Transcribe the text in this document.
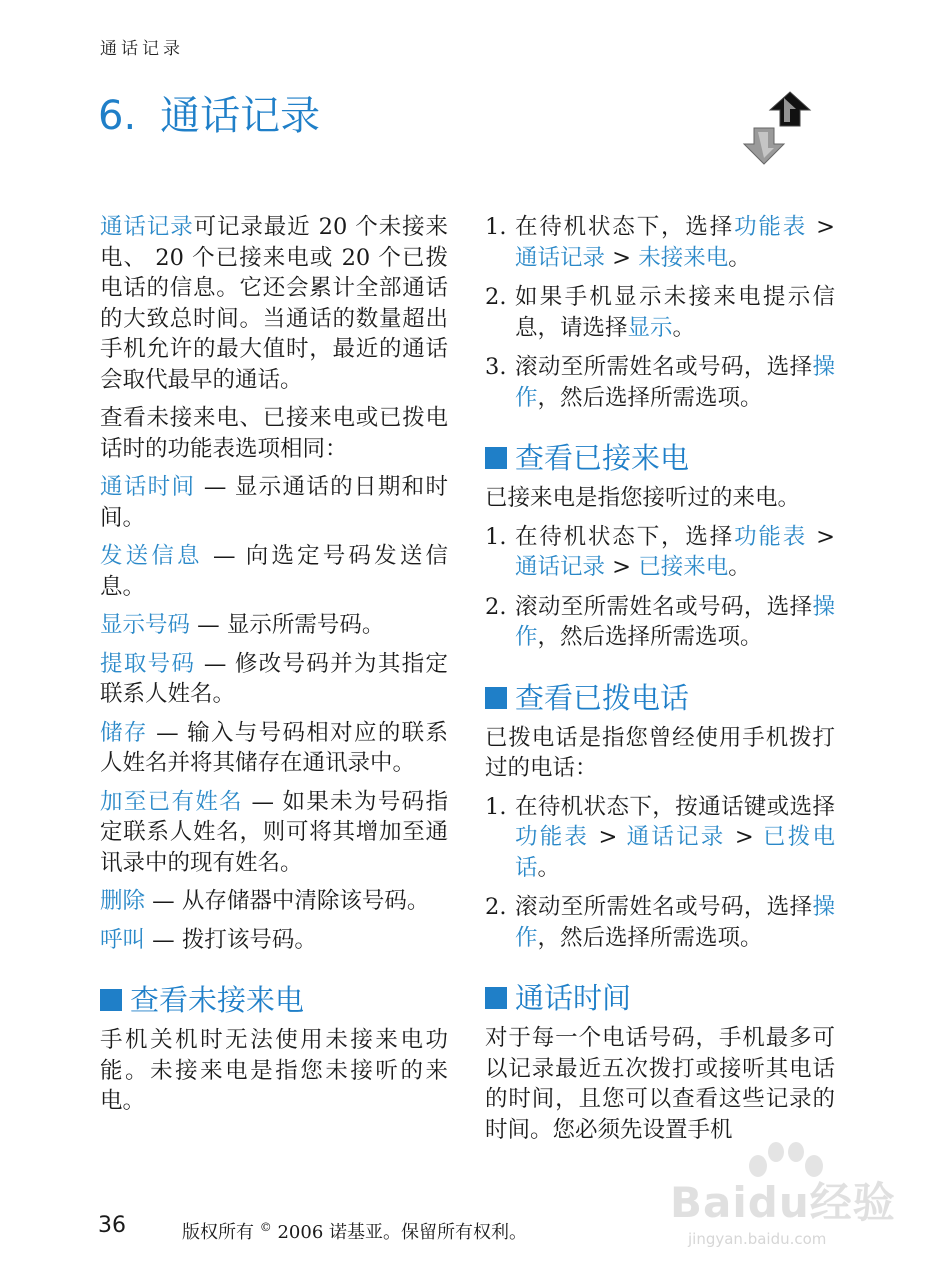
通话记录
6. 通话记录

通话记录可记录最近 20 个未接来电、 20 个已接来电或 20 个已拨电话的信息。它还会累计全部通话的大致总时间。当通话的数量超出手机允许的最大值时，最近的通话会取代最早的通话。

查看未接来电、已接来电或已拨电话时的功能表选项相同：

通话时间 — 显示通话的日期和时间。

发送信息 — 向选定号码发送信息。

显示号码 — 显示所需号码。

提取号码 — 修改号码并为其指定联系人姓名。

储存 — 输入与号码相对应的联系人姓名并将其储存在通讯录中。

加至已有姓名 — 如果未为号码指定联系人姓名，则可将其增加至通讯录中的现有姓名。

删除 — 从存储器中清除该号码。

呼叫 — 拨打该号码。

查看未接来电

手机关机时无法使用未接来电功能。未接来电是指您未接听的来电。

1. 在待机状态下，选择功能表 > 通话记录 > 未接来电。
2. 如果手机显示未接来电提示信息，请选择显示。
3. 滚动至所需姓名或号码，选择操作，然后选择所需选项。
查看已接来电

已接来电是指您接听过的来电。

1. 在待机状态下，选择功能表 > 通话记录 > 已接来电。
2. 滚动至所需姓名或号码，选择操作，然后选择所需选项。
查看已拨电话

已拨电话是指您曾经使用手机拨打过的电话：

1. 在待机状态下，按通话键或选择功能表 > 通话记录 > 已拨电话。
2. 滚动至所需姓名或号码，选择操作，然后选择所需选项。
通话时间

对于每一个电话号码，手机最多可以记录最近五次拨打或接听其电话的时间，且您可以查看这些记录的时间。您必须先设置手机

36	版权所有 © 2006 诺基亚。保留所有权利。
Baidu经验
jingyan.baidu.com
